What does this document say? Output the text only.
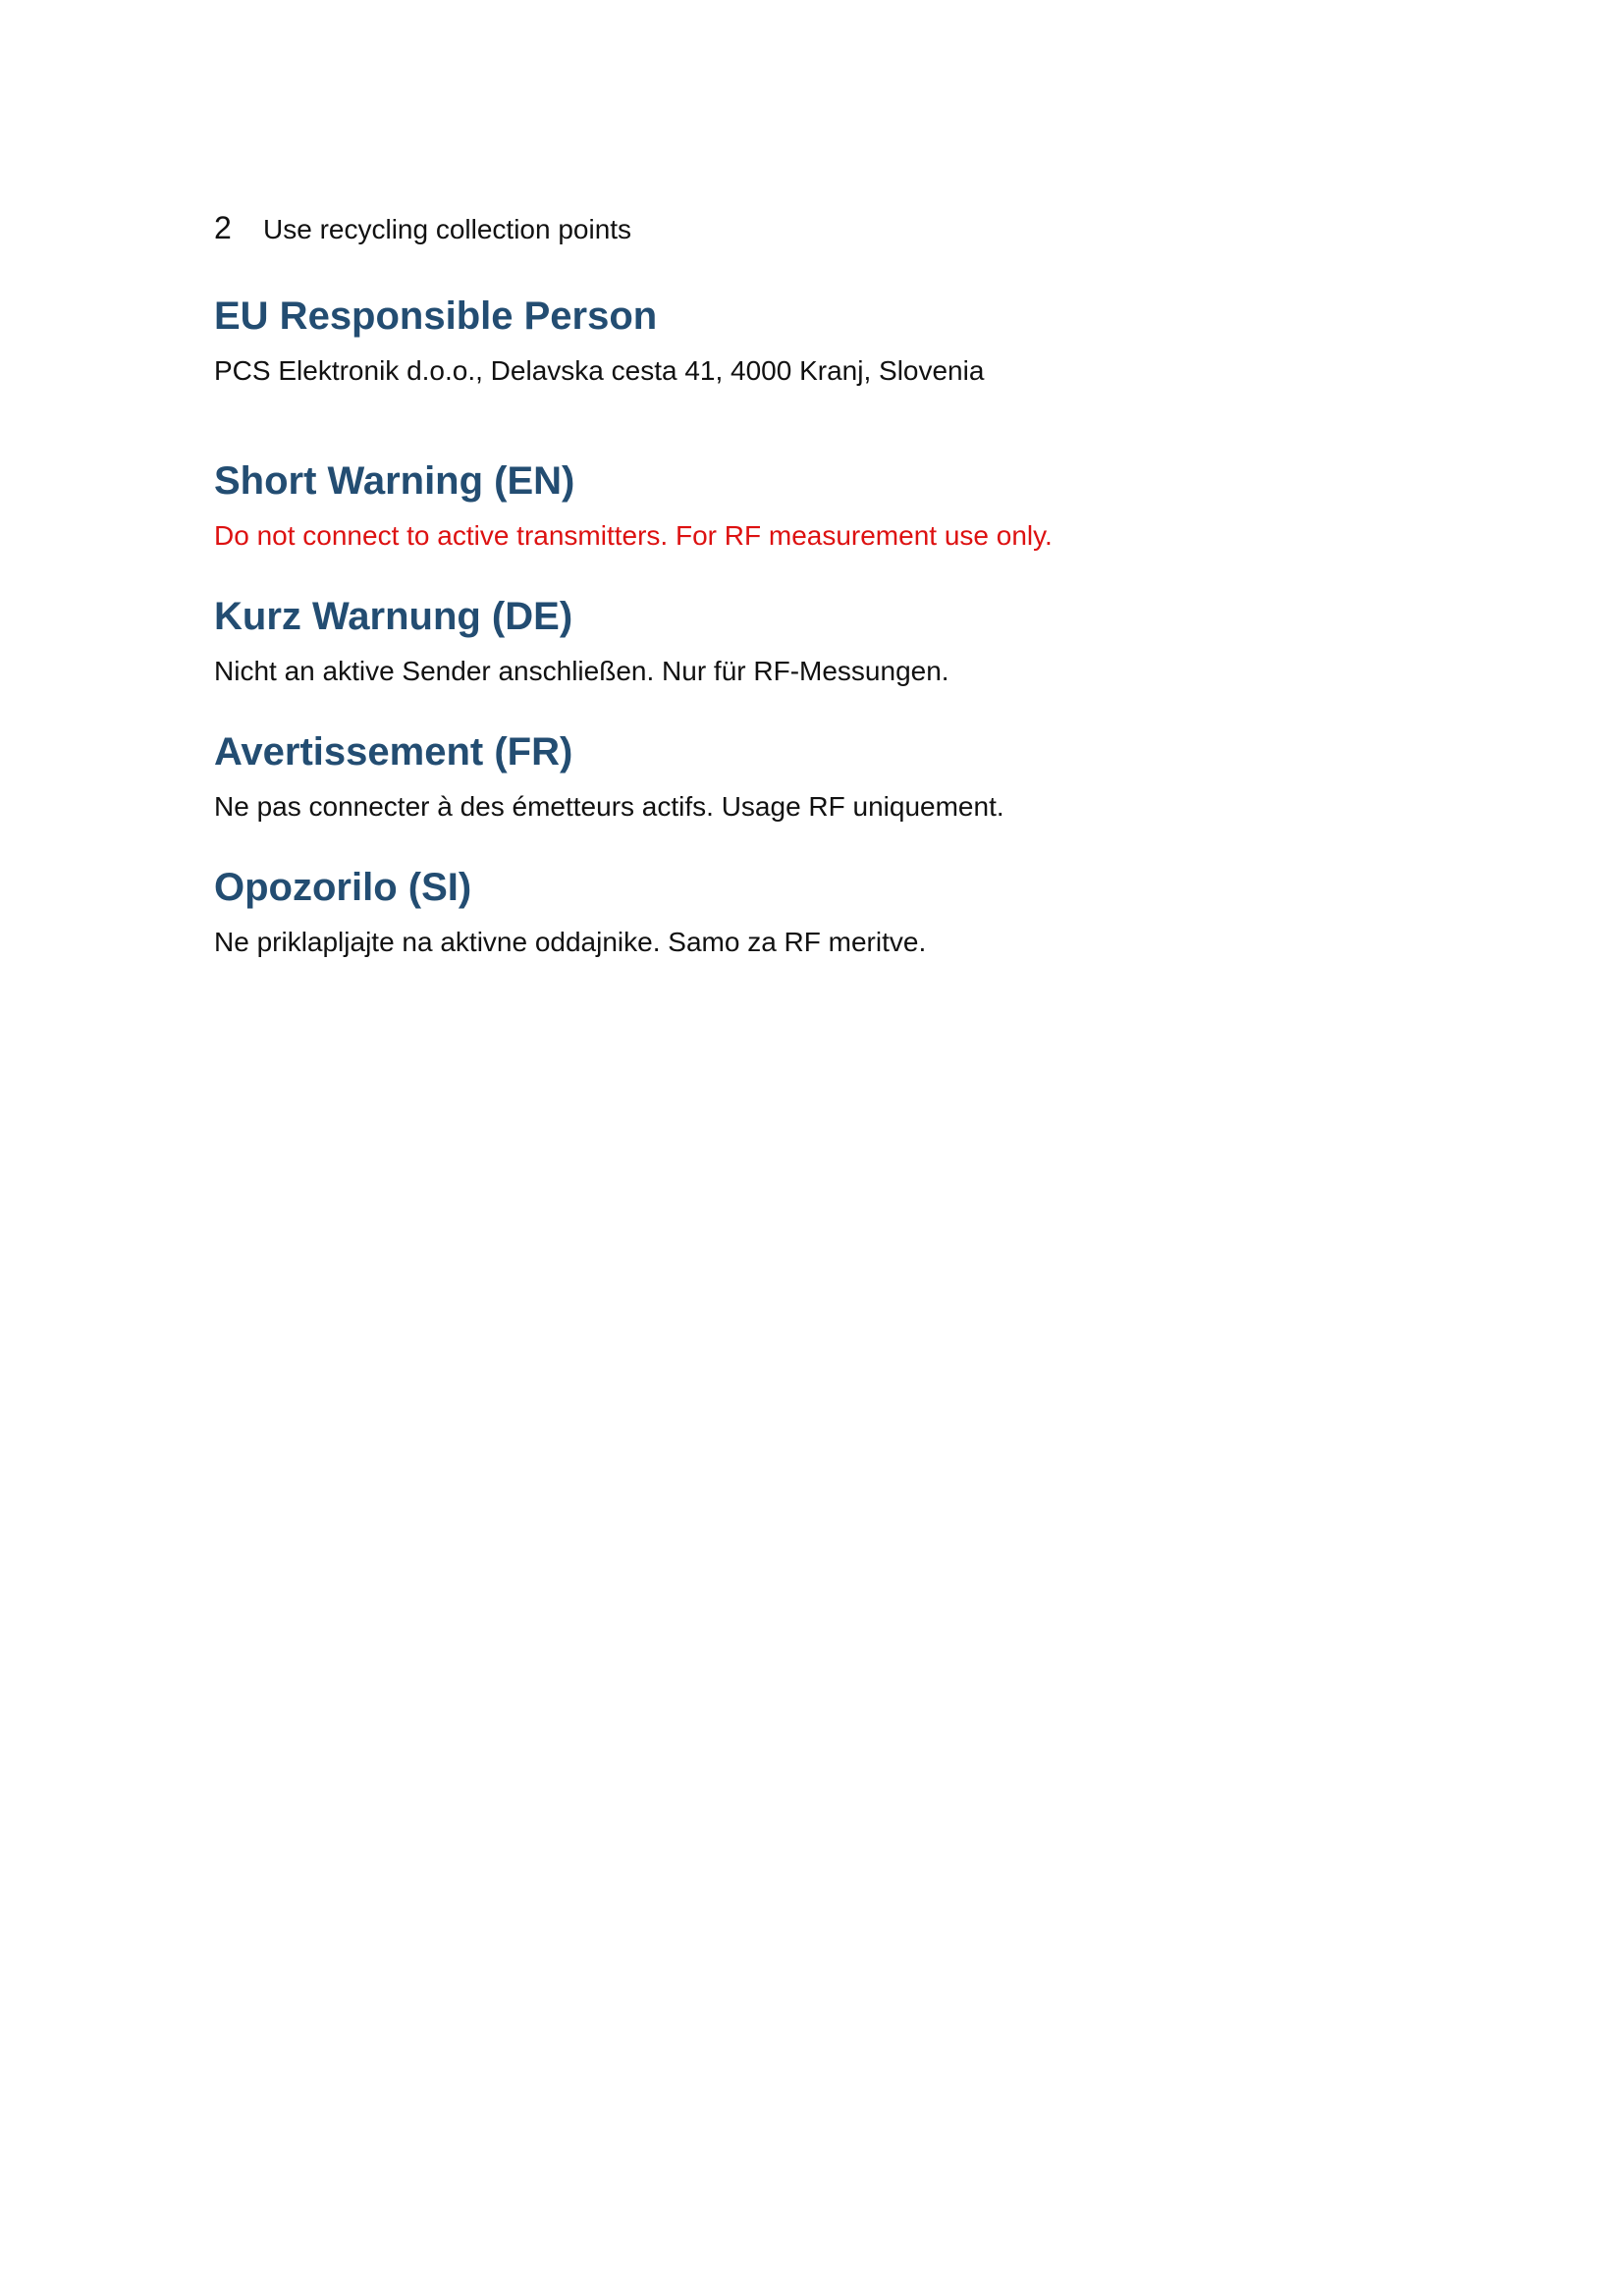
2	Use recycling collection points
EU Responsible Person

PCS Elektronik d.o.o., Delavska cesta 41, 4000 Kranj, Slovenia

Short Warning (EN)

Do not connect to active transmitters. For RF measurement use only.

Kurz Warnung (DE)

Nicht an aktive Sender anschließen. Nur für RF-Messungen.

Avertissement (FR)

Ne pas connecter à des émetteurs actifs. Usage RF uniquement.

Opozorilo (SI)

Ne priklapljajte na aktivne oddajnike. Samo za RF meritve.
